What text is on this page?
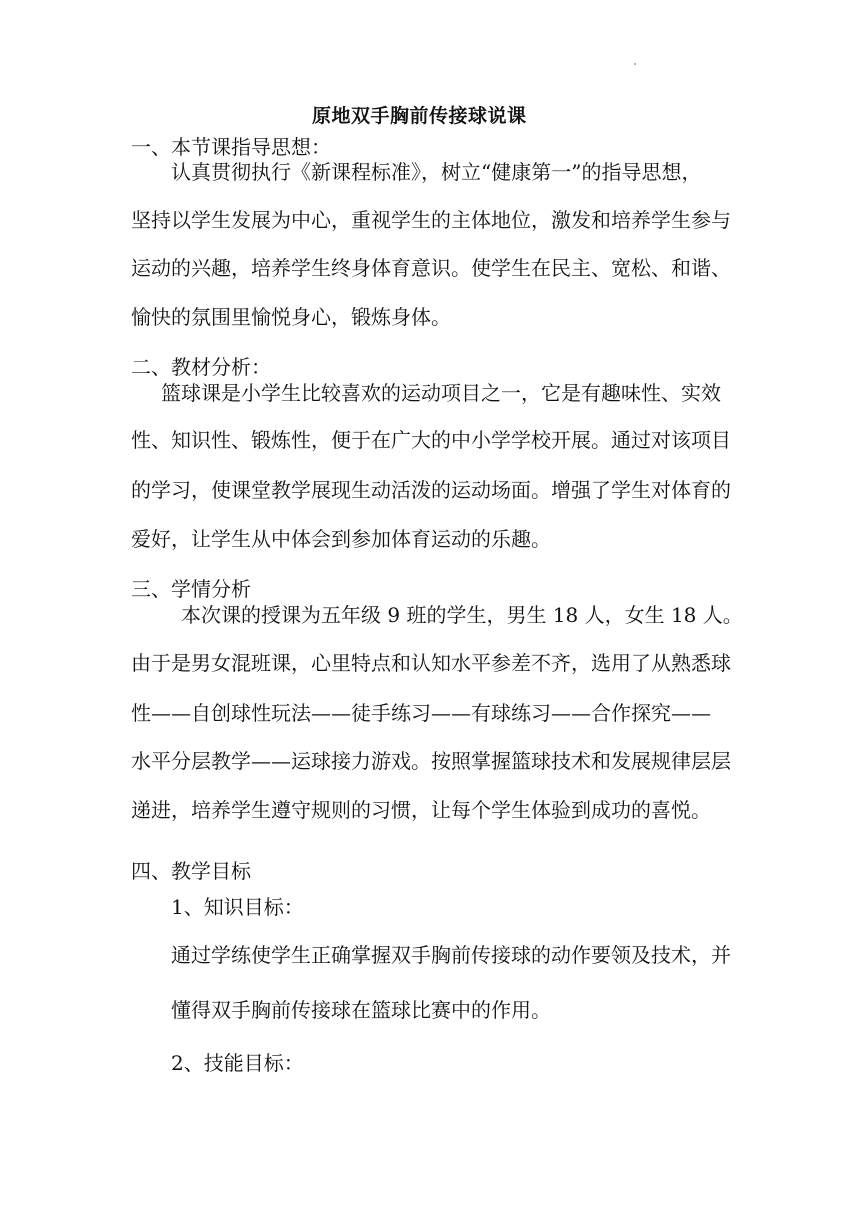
原地双手胸前传接球说课
一、本节课指导思想：
认真贯彻执行《新课程标准》，树立“健康第一”的指导思想，
坚持以学生发展为中心，重视学生的主体地位，激发和培养学生参与
运动的兴趣，培养学生终身体育意识。使学生在民主、宽松、和谐、
愉快的氛围里愉悦身心，锻炼身体。
二、教材分析：
篮球课是小学生比较喜欢的运动项目之一，它是有趣味性、实效
性、知识性、锻炼性，便于在广大的中小学学校开展。通过对该项目
的学习，使课堂教学展现生动活泼的运动场面。增强了学生对体育的
爱好，让学生从中体会到参加体育运动的乐趣。
三、学情分析
本次课的授课为五年级 9 班的学生，男生 18 人，女生 18 人。
由于是男女混班课，心里特点和认知水平参差不齐，选用了从熟悉球
性——自创球性玩法——徒手练习——有球练习——合作探究——
水平分层教学——运球接力游戏。按照掌握篮球技术和发展规律层层
递进，培养学生遵守规则的习惯，让每个学生体验到成功的喜悦。
四、教学目标
1、知识目标：
通过学练使学生正确掌握双手胸前传接球的动作要领及技术，并
懂得双手胸前传接球在篮球比赛中的作用。
2、技能目标：
